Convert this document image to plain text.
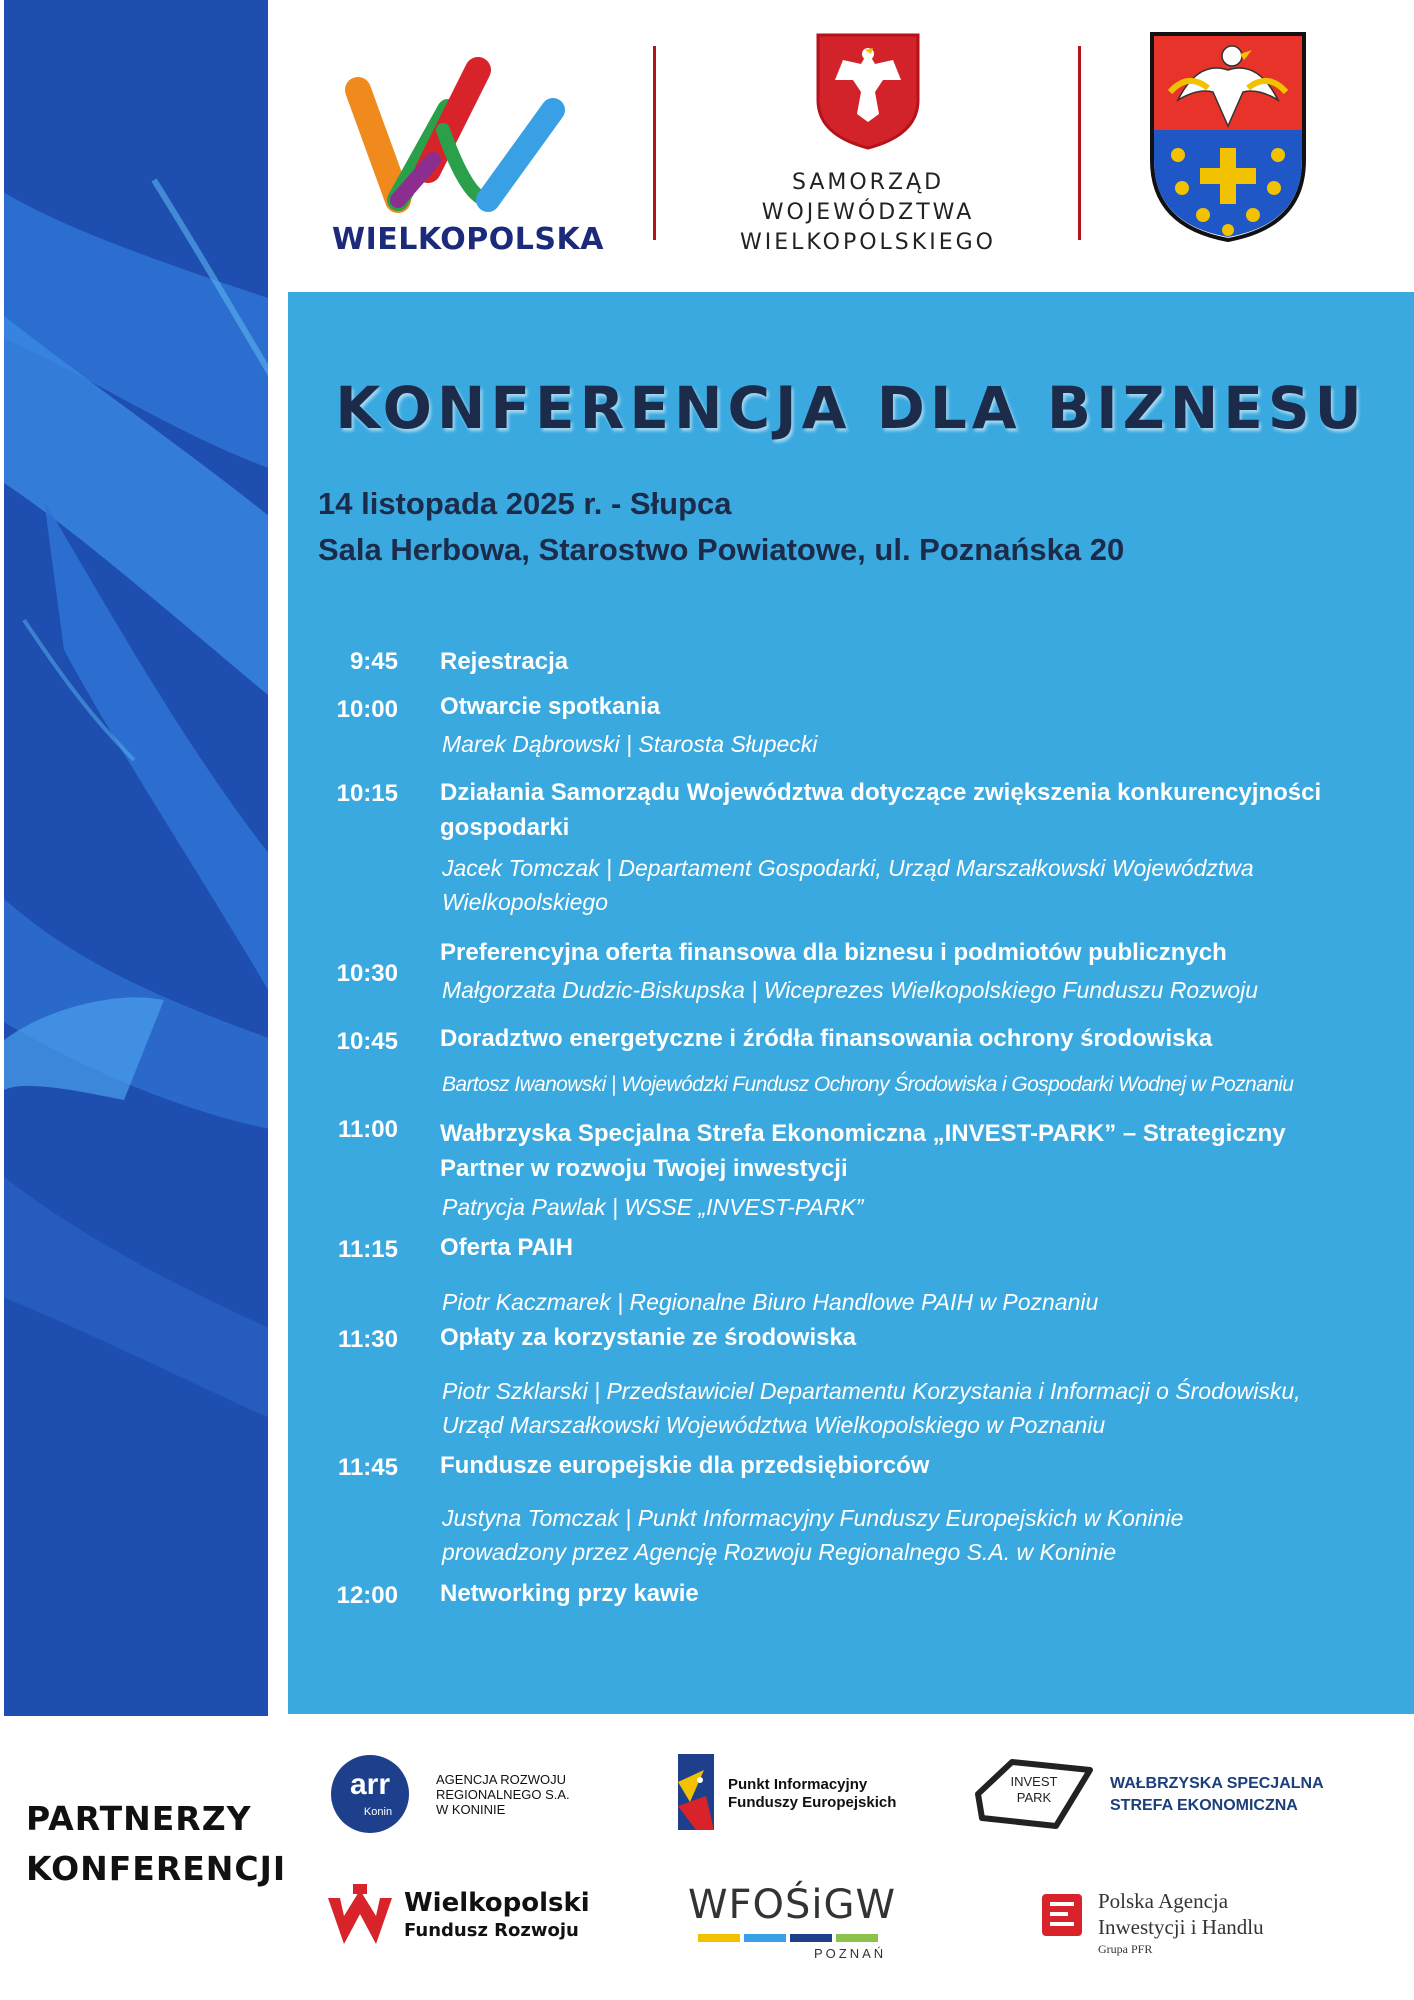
WIELKOPOLSKA
SAMORZĄD
WOJEWÓDZTWA
WIELKOPOLSKIEGO
KONFERENCJA DLA BIZNESU
14 listopada 2025 r. - Słupca
Sala Herbowa, Starostwo Powiatowe, ul. Poznańska 20
9:45 Rejestracja
10:00 Otwarcie spotkania
Marek Dąbrowski | Starosta Słupecki
10:15 Działania Samorządu Województwa dotyczące zwiększenia konkurencyjności
gospodarki
Jacek Tomczak | Departament Gospodarki, Urząd Marszałkowski Województwa
Wielkopolskiego
10:30
Preferencyjna oferta finansowa dla biznesu i podmiotów publicznych
Małgorzata Dudzic-Biskupska | Wiceprezes Wielkopolskiego Funduszu Rozwoju
10:45 Doradztwo energetyczne i źródła finansowania ochrony środowiska
Bartosz Iwanowski | Wojewódzki Fundusz Ochrony Środowiska i Gospodarki Wodnej w Poznaniu
11:00 Wałbrzyska Specjalna Strefa Ekonomiczna „INVEST-PARK” – Strategiczny
Partner w rozwoju Twojej inwestycji
Patrycja Pawlak | WSSE „INVEST-PARK”
11:15 Oferta PAIH
Piotr Kaczmarek | Regionalne Biuro Handlowe PAIH w Poznaniu
11:30 Opłaty za korzystanie ze środowiska
Piotr Szklarski | Przedstawiciel Departamentu Korzystania i Informacji o Środowisku,
Urząd Marszałkowski Województwa Wielkopolskiego w Poznaniu
11:45 Fundusze europejskie dla przedsiębiorców
Justyna Tomczak | Punkt Informacyjny Funduszy Europejskich w Koninie
prowadzony przez Agencję Rozwoju Regionalnego S.A. w Koninie
12:00 Networking przy kawie
PARTNERZY
KONFERENCJI
arr
Konin
AGENCJA ROZWOJU
REGIONALNEGO S.A.
W KONINIE
Punkt Informacyjny
Funduszy Europejskich
INVEST
PARK
WAŁBRZYSKA SPECJALNA
STREFA EKONOMICZNA
Wielkopolski
Fundusz Rozwoju
WFOŚiGW
POZNAŃ
Polska Agencja
Inwestycji i Handlu
Grupa PFR
